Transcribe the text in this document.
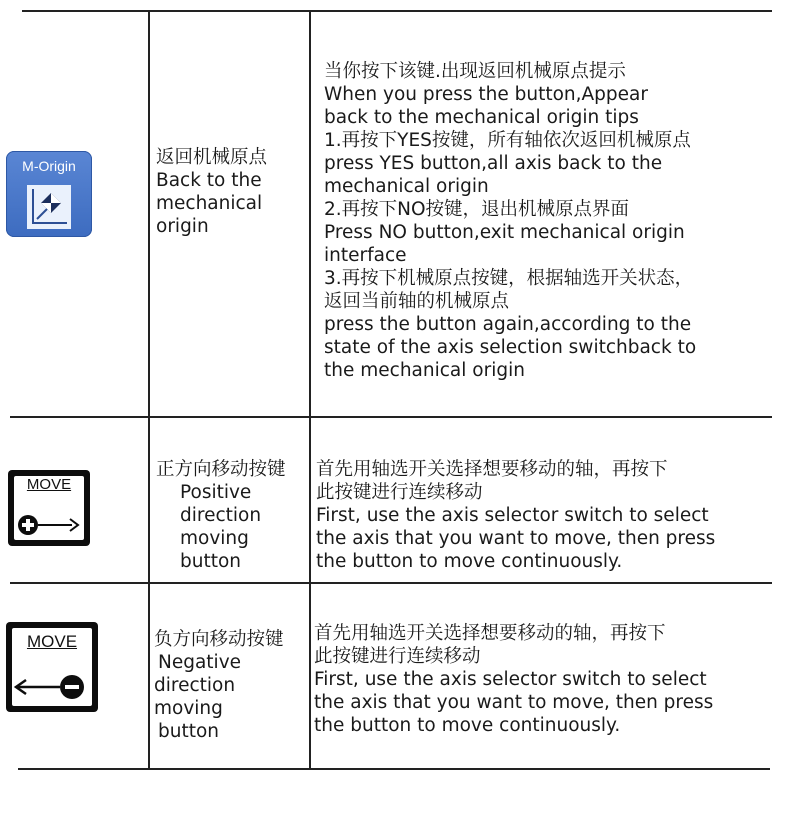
M-Origin	返回机械原点
Back to the
mechanical
origin
当你按下该键.出现返回机械原点提示
When you press the button,Appear
back to the mechanical origin tips
1.再按下YES按键，所有轴依次返回机械原点
press YES button,all axis back to the
mechanical origin
2.再按下NO按键，退出机械原点界面
Press NO button,exit mechanical origin
interface
3.再按下机械原点按键，根据轴选开关状态，
返回当前轴的机械原点
press the button again,according to the
state of the axis selection switchback to
the mechanical origin
MOVE
正方向移动按键
Positive
direction
moving
button
首先用轴选开关选择想要移动的轴，再按下
此按键进行连续移动
First, use the axis selector switch to select
the axis that you want to move, then press
the button to move continuously.
MOVE	负方向移动按键
Negative
direction
moving
button
首先用轴选开关选择想要移动的轴，再按下
此按键进行连续移动
First, use the axis selector switch to select
the axis that you want to move, then press
the button to move continuously.
